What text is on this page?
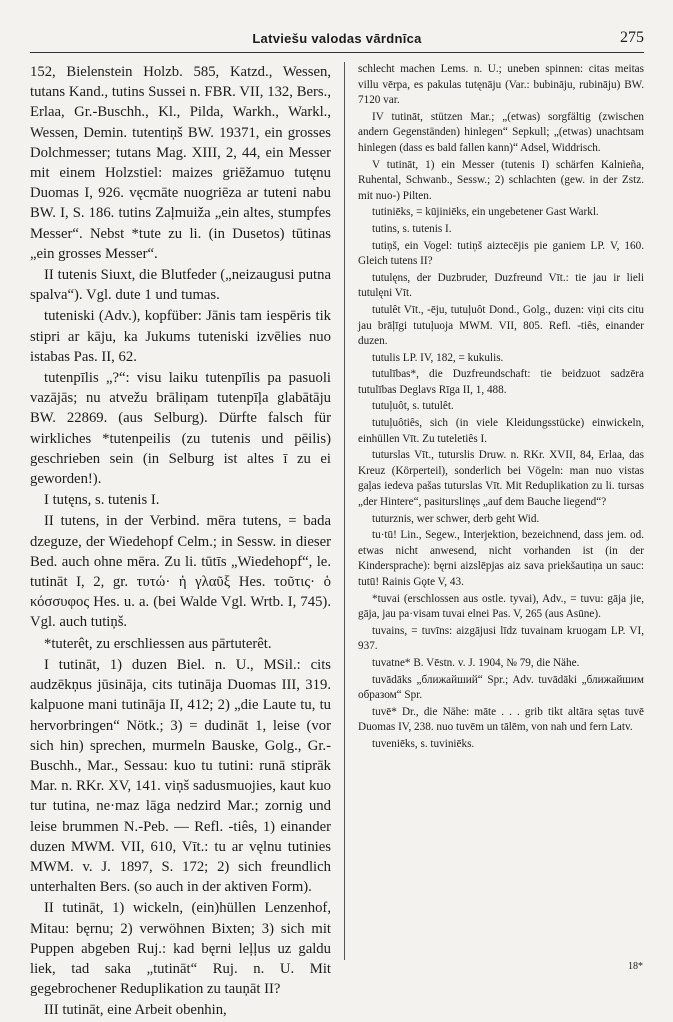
Latviešu valodas vārdnīca	275

152, Bielenstein Holzb. 585, Katzd., Wessen, tutans Kand., tutins Sussei n. FBR. VII, 132, Bers., Erlaa, Gr.-Buschh., Kl., Pilda, Warkh., Warkl., Wessen, Demin. tutentiņš BW. 19371, ein grosses Dolchmesser; tutans Mag. XIII, 2, 44, ein Messer mit einem Holzstiel: maizes griēžamuo tutęnu Duomas I, 926. vęcmāte nuogriēza ar tuteni nabu BW. I, S. 186. tutins Zaļmuiža „ein altes, stumpfes Messer“. Nebst *tute zu li. (in Dusetos) tūtinas „ein grosses Messer“.

II tutenis Siuxt, die Blutfeder („neizaugusi putna spalva“). Vgl. dute 1 und tumas.

tuteniski (Adv.), kopfüber: Jānis tam iespēris tik stipri ar kāju, ka Jukums tuteniski izvēlies nuo istabas Pas. II, 62.

tutenpīlis „?“: visu laiku tutenpīlis pa pasuoli vazājās; nu atvežu brāliņam tutenpīļa glabātāju BW. 22869. (aus Selburg). Dürfte falsch für wirkliches *tutenpeilis (zu tutenis und pēilis) geschrieben sein (in Selburg ist altes ī zu ei geworden!).

I tutęns, s. tutenis I.

II tutens, in der Verbind. mēra tutens, = bada dzeguze, der Wiedehopf Celm.; in Sessw. in dieser Bed. auch ohne mēra. Zu li. tūtīs „Wiedehopf“, le. tutināt I, 2, gr. τυτώ· ἡ γλαῦξ Hes. τοῦτις· ὁ κόσσυφος Hes. u. a. (bei Walde Vgl. Wrtb. I, 745). Vgl. auch tutiņš.

*tuterêt, zu erschliessen aus pārtuterêt.

I tutināt, 1) duzen Biel. n. U., MSil.: cits audzēkņus jūsināja, cits tutināja Duomas III, 319. kalpuone mani tutināja II, 412; 2) „die Laute tu, tu hervorbringen“ Nötk.; 3) = dudināt 1, leise (vor sich hin) sprechen, murmeln Bauske, Golg., Gr.-Buschh., Mar., Sessau: kuo tu tutini: runā stiprāk Mar. n. RKr. XV, 141. viņš sadusmuojies, kaut kuo tur tutina, ne·maz lāga nedzird Mar.; zornig und leise brummen N.-Peb. — Refl. -tiês, 1) einander duzen MWM. VII, 610, Vīt.: tu ar vęlnu tutinies MWM. v. J. 1897, S. 172; 2) sich freundlich unterhalten Bers. (so auch in der aktiven Form).

II tutināt, 1) wickeln, (ein)hüllen Lenzenhof, Mitau: bęrnu; 2) verwöhnen Bixten; 3) sich mit Puppen abgeben Ruj.: kad bęrni leļļus uz galdu liek, tad saka „tutināt“ Ruj. n. U. Mit gegebrochener Reduplikation zu tauņāt II?

III tutināt, eine Arbeit obenhin,

schlecht machen Lems. n. U.; uneben spinnen: citas meitas villu vērpa, es pakulas tutęnāju (Var.: bubināju, rubināju) BW. 7120 var.

IV tutināt, stützen Mar.; „(etwas) sorgfältig (zwischen andern Gegenständen) hinlegen“ Sepkull; „(etwas) unachtsam hinlegen (dass es bald fallen kann)“ Adsel, Widdrisch.

V tutināt, 1) ein Messer (tutenis I) schärfen Kalnieña, Ruhental, Schwanb., Sessw.; 2) schlachten (gew. in der Zstz. mit nuo-) Pilten.

tutiniēks, = kūjiniēks, ein ungebetener Gast Warkl.

tutins, s. tutenis I.

tutiņš, ein Vogel: tutiņš aiztecējis pie ganiem LP. V, 160. Gleich tutens II?

tutulęns, der Duzbruder, Duzfreund Vīt.: tie jau ir lieli tutulęni Vīt.

tutulêt Vīt., -ēju, tutuļuôt Dond., Golg., duzen: viņi cits citu jau brāļīgi tutuļuoja MWM. VII, 805. Refl. -tiês, einander duzen.

tutulis LP. IV, 182, = kukulis.

tutulības*, die Duzfreundschaft: tie beidzuot sadzēra tutulības Deglavs Rīga II, 1, 488.

tutuļuôt, s. tutulêt.

tutuļuôtiês, sich (in viele Kleidungsstücke) einwickeln, einhüllen Vīt. Zu tuteletiês I.

tuturslas Vīt., tuturslis Druw. n. RKr. XVII, 84, Erlaa, das Kreuz (Körperteil), sonderlich bei Vögeln: man nuo vistas gaļas iedeva pašas tuturslas Vīt. Mit Reduplikation zu li. tursas „der Hintere“, pasiturslinęs „auf dem Bauche liegend“?

tuturznis, wer schwer, derb geht Wid.

tu·tū! Lin., Segew., Interjektion, bezeichnend, dass jem. od. etwas nicht anwesend, nicht vorhanden ist (in der Kindersprache): bęrni aizslēpjas aiz sava priekšautiņa un sauc: tutū! Rainis Gǫte V, 43.

*tuvai (erschlossen aus ostle. tyvai), Adv., = tuvu: gāja jie, gāja, jau pa·visam tuvai elnei Pas. V, 265 (aus Asūne).

tuvains, = tuvīns: aizgājusi līdz tuvainam kruogam LP. VI, 937.

tuvatne* B. Vēstn. v. J. 1904, № 79, die Nähe.

tuvādāks „ближайший“ Spr.; Adv. tuvādāki „ближайшим образом“ Spr.

tuvē* Dr., die Nähe: māte . . . grib tikt altāra sętas tuvē Duomas IV, 238. nuo tuvēm un tālēm, von nah und fern Latv.

tuveniēks, s. tuviniēks.

18*
